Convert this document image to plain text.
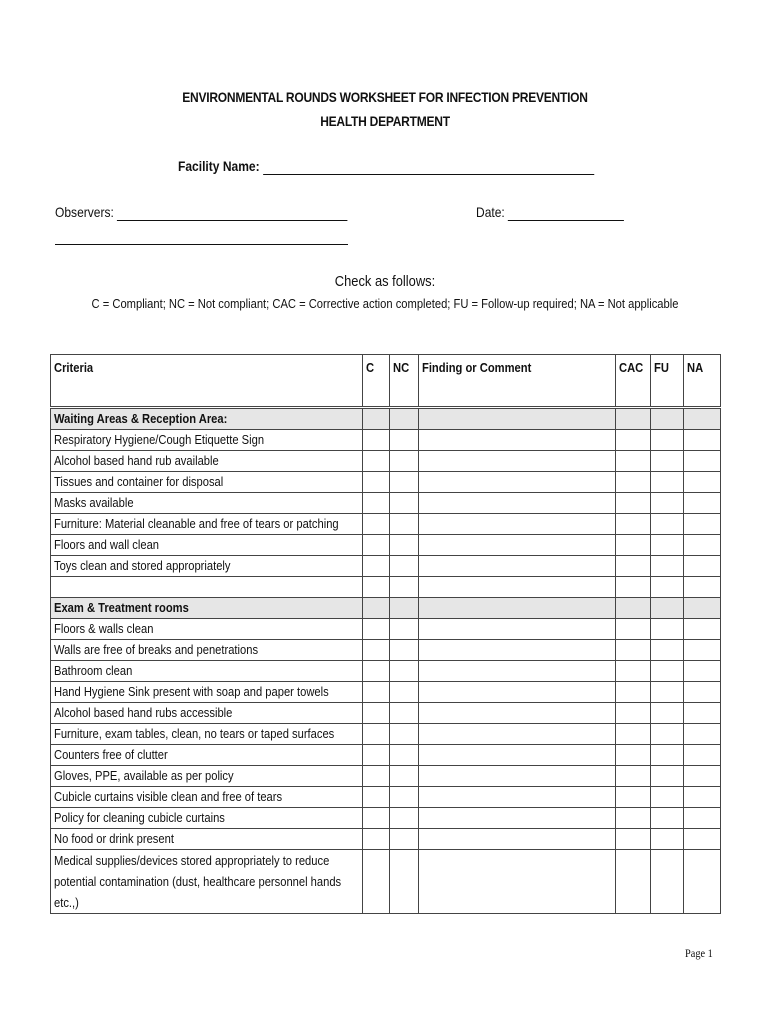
ENVIRONMENTAL ROUNDS WORKSHEET FOR INFECTION PREVENTION
HEALTH DEPARTMENT
Facility Name:
Observers:	Date:
Check as follows:
C = Compliant; NC = Not compliant; CAC = Corrective action completed; FU = Follow-up required; NA = Not applicable
Criteria	C	NC	Finding or Comment	CAC	FU	NA
Waiting Areas & Reception Area:						
Respiratory Hygiene/Cough Etiquette Sign						
Alcohol based hand rub available						
Tissues and container for disposal						
Masks available						
Furniture: Material cleanable and free of tears or patching						
Floors and wall clean						
Toys clean and stored appropriately						

Exam & Treatment rooms						
Floors & walls clean						
Walls are free of breaks and penetrations						
Bathroom clean						
Hand Hygiene Sink present with soap and paper towels						
Alcohol based hand rubs accessible						
Furniture, exam tables, clean, no tears or taped surfaces						
Counters free of clutter						
Gloves, PPE, available as per policy						
Cubicle curtains visible clean and free of tears						
Policy for cleaning cubicle curtains						
No food or drink present						
Medical supplies/devices stored appropriately to reduce potential contamination (dust, healthcare personnel hands etc.,)						
Page 1
